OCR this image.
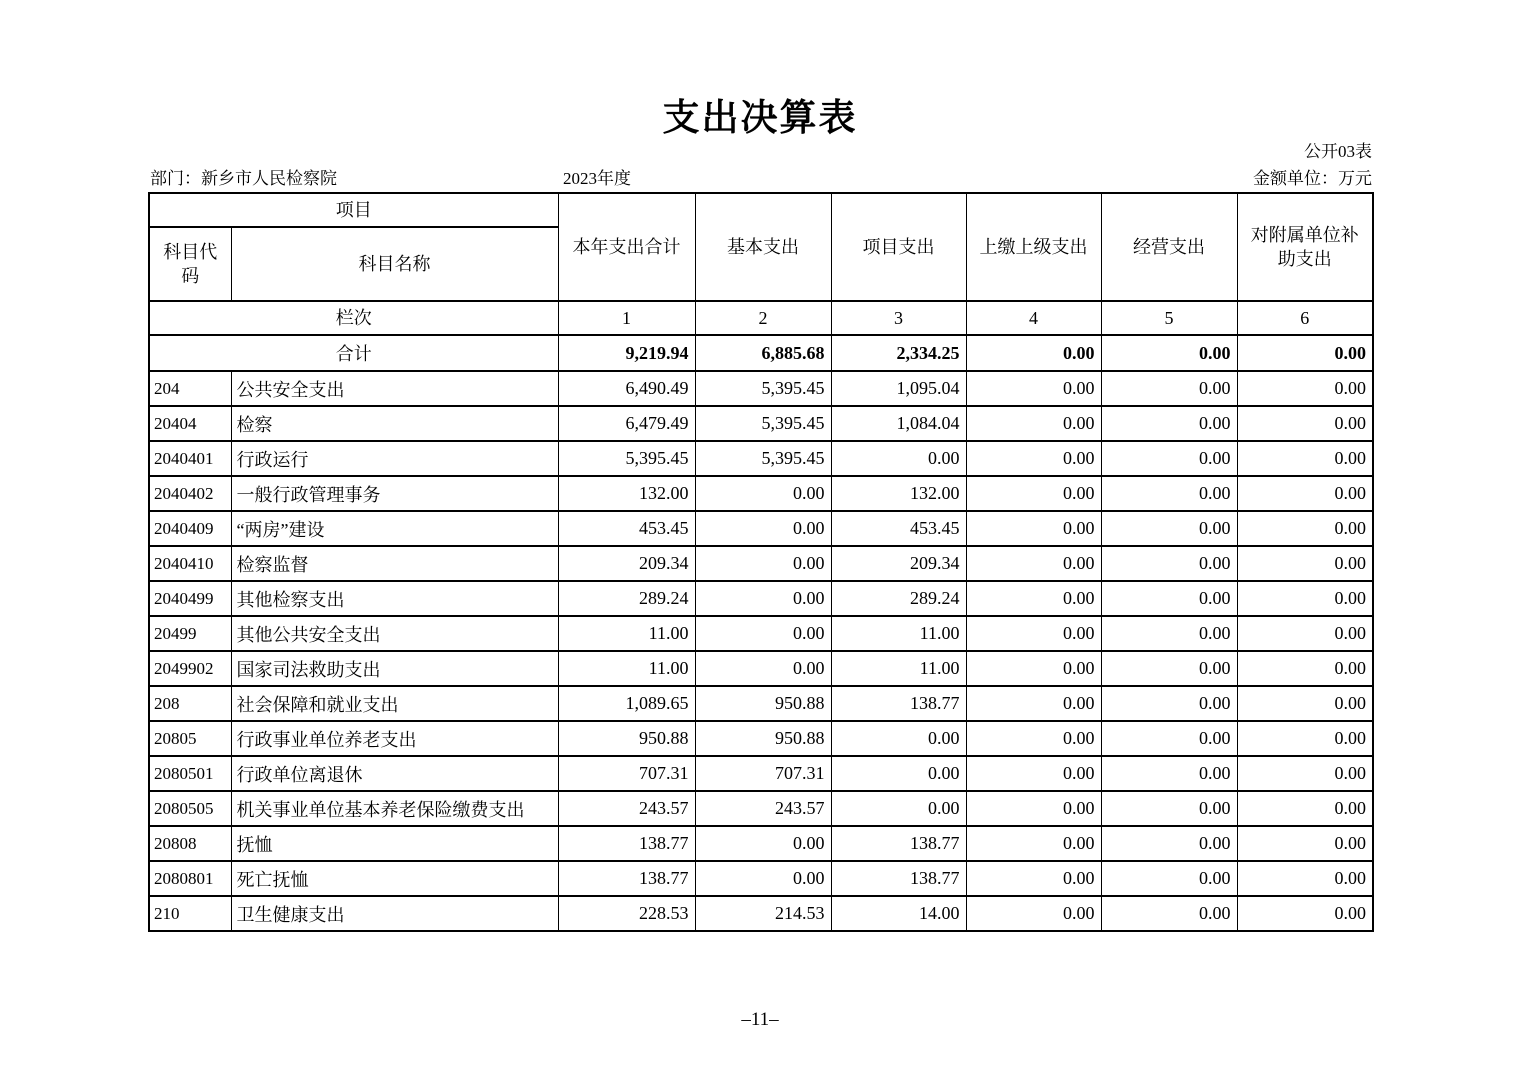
支出决算表
公开03表
部门：新乡市人民检察院	2023年度	金额单位：万元
项目		本年支出合计	基本支出	项目支出	上缴上级支出	经营支出	对附属单位补助支出
科目代码	科目名称						
栏次		1	2	3	4	5	6
合计		9,219.94	6,885.68	2,334.25	0.00	0.00	0.00
204	公共安全支出	6,490.49	5,395.45	1,095.04	0.00	0.00	0.00
20404	检察	6,479.49	5,395.45	1,084.04	0.00	0.00	0.00
2040401	行政运行	5,395.45	5,395.45	0.00	0.00	0.00	0.00
2040402	一般行政管理事务	132.00	0.00	132.00	0.00	0.00	0.00
2040409	“两房”建设	453.45	0.00	453.45	0.00	0.00	0.00
2040410	检察监督	209.34	0.00	209.34	0.00	0.00	0.00
2040499	其他检察支出	289.24	0.00	289.24	0.00	0.00	0.00
20499	其他公共安全支出	11.00	0.00	11.00	0.00	0.00	0.00
2049902	国家司法救助支出	11.00	0.00	11.00	0.00	0.00	0.00
208	社会保障和就业支出	1,089.65	950.88	138.77	0.00	0.00	0.00
20805	行政事业单位养老支出	950.88	950.88	0.00	0.00	0.00	0.00
2080501	行政单位离退休	707.31	707.31	0.00	0.00	0.00	0.00
2080505	机关事业单位基本养老保险缴费支出	243.57	243.57	0.00	0.00	0.00	0.00
20808	抚恤	138.77	0.00	138.77	0.00	0.00	0.00
2080801	死亡抚恤	138.77	0.00	138.77	0.00	0.00	0.00
210	卫生健康支出	228.53	214.53	14.00	0.00	0.00	0.00
–11–
